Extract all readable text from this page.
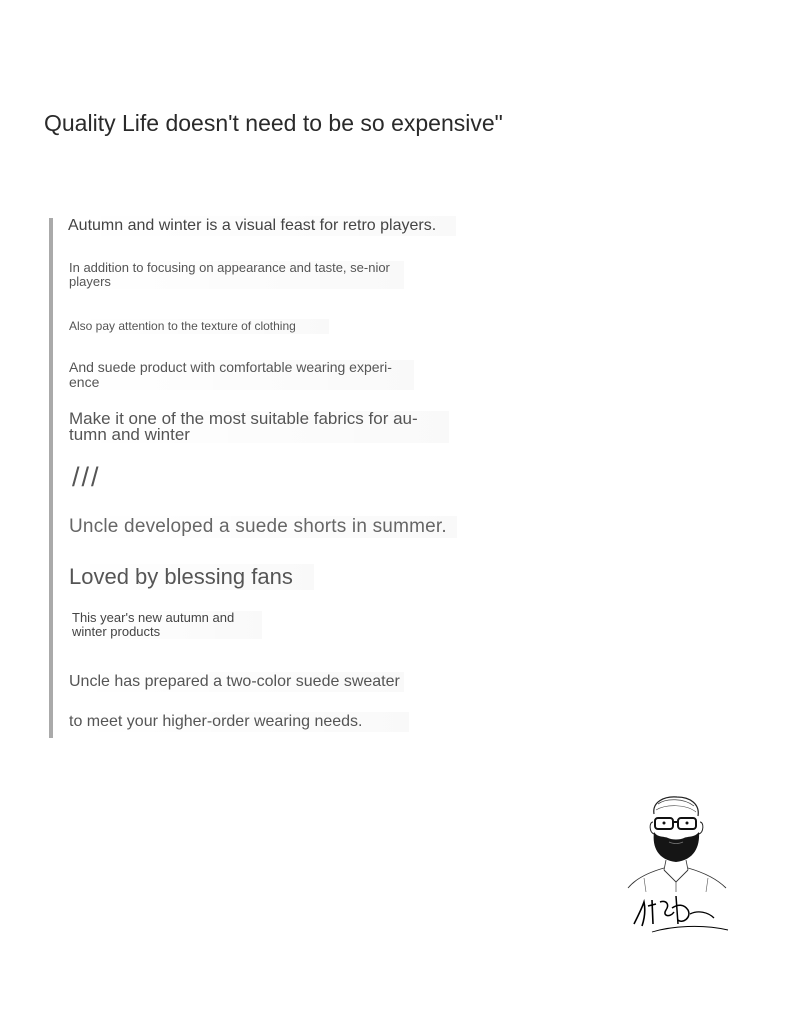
Quality Life doesn't need to be so expensive"
Autumn and winter is a visual feast for retro players.
In addition to focusing on appearance and taste, se-nior players
Also pay attention to the texture of clothing
And suede product with comfortable wearing experi-ence
Make it one of the most suitable fabrics for au-tumn and winter
///
Uncle developed a suede shorts in summer.
Loved by blessing fans
This year's new autumn and winter products
Uncle has prepared a two-color suede sweater
to meet your higher-order wearing needs.
